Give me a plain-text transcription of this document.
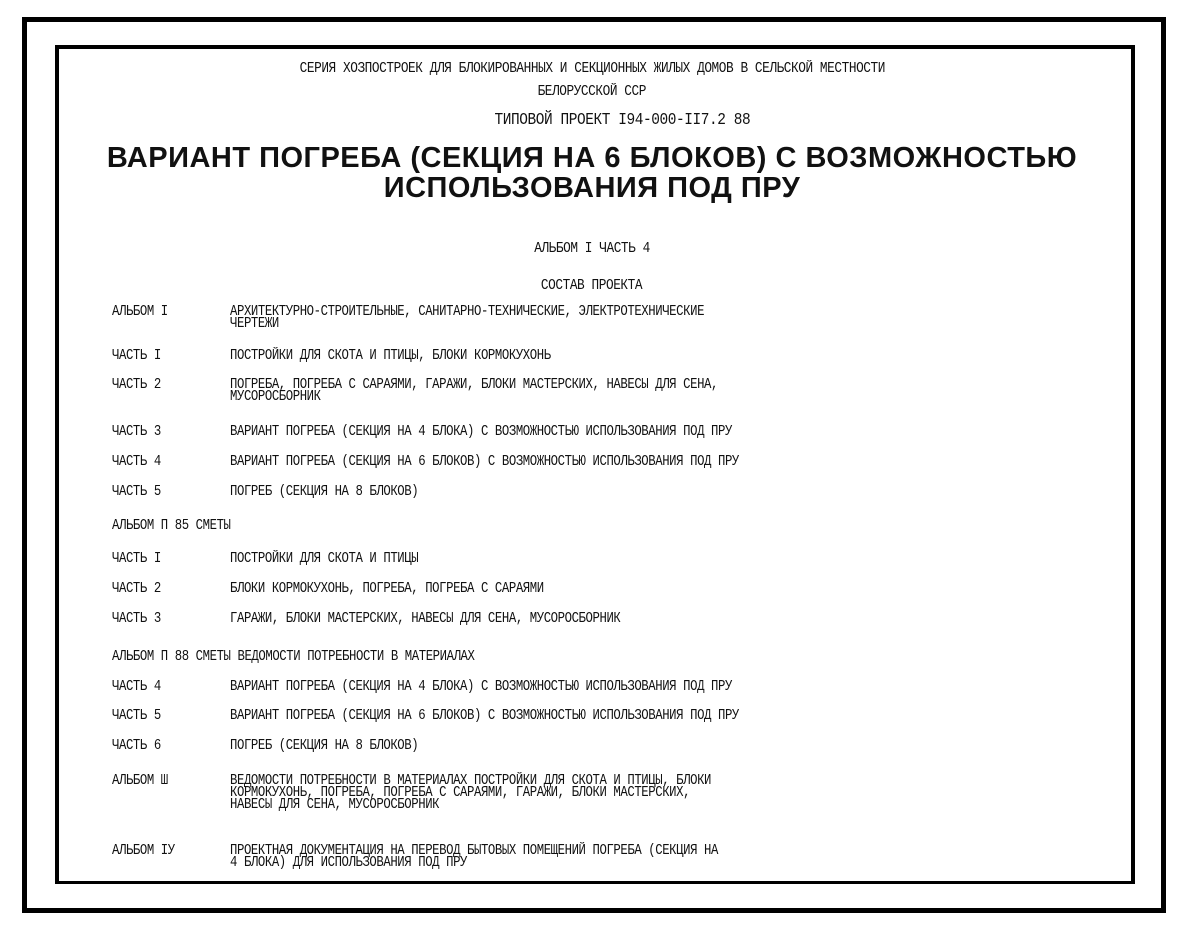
СЕРИЯ ХОЗПОСТРОЕК ДЛЯ БЛОКИРОВАННЫХ И СЕКЦИОННЫХ ЖИЛЫХ ДОМОВ В СЕЛЬСКОЙ МЕСТНОСТИ
БЕЛОРУССКОЙ ССР
ТИПОВОЙ ПРОЕКТ I94-000-II7.2 88
ВАРИАНТ ПОГРЕБА (СЕКЦИЯ НА 6 БЛОКОВ) С ВОЗМОЖНОСТЬЮ
ИСПОЛЬЗОВАНИЯ ПОД ПРУ
АЛЬБОМ I ЧАСТЬ 4
СОСТАВ ПРОЕКТА
АЛЬБОМ I	АРХИТЕКТУРНО-СТРОИТЕЛЬНЫЕ, САНИТАРНО-ТЕХНИЧЕСКИЕ, ЭЛЕКТРОТЕХНИЧЕСКИЕ
ЧЕРТЕЖИ
ЧАСТЬ I	ПОСТРОЙКИ ДЛЯ СКОТА И ПТИЦЫ, БЛОКИ КОРМОКУХОНЬ
ЧАСТЬ 2	ПОГРЕБА, ПОГРЕБА С САРАЯМИ, ГАРАЖИ, БЛОКИ МАСТЕРСКИХ, НАВЕСЫ ДЛЯ СЕНА,
МУСОРОСБОРНИК
ЧАСТЬ 3	ВАРИАНТ ПОГРЕБА (СЕКЦИЯ НА 4 БЛОКА) С ВОЗМОЖНОСТЬЮ ИСПОЛЬЗОВАНИЯ ПОД ПРУ
ЧАСТЬ 4	ВАРИАНТ ПОГРЕБА (СЕКЦИЯ НА 6 БЛОКОВ) С ВОЗМОЖНОСТЬЮ ИСПОЛЬЗОВАНИЯ ПОД ПРУ
ЧАСТЬ 5	ПОГРЕБ (СЕКЦИЯ НА 8 БЛОКОВ)
АЛЬБОМ П 85 СМЕТЫ
ЧАСТЬ I	ПОСТРОЙКИ ДЛЯ СКОТА И ПТИЦЫ
ЧАСТЬ 2	БЛОКИ КОРМОКУХОНЬ, ПОГРЕБА, ПОГРЕБА С САРАЯМИ
ЧАСТЬ 3	ГАРАЖИ, БЛОКИ МАСТЕРСКИХ, НАВЕСЫ ДЛЯ СЕНА, МУСОРОСБОРНИК
АЛЬБОМ П 88 СМЕТЫ ВЕДОМОСТИ ПОТРЕБНОСТИ В МАТЕРИАЛАХ
ЧАСТЬ 4	ВАРИАНТ ПОГРЕБА (СЕКЦИЯ НА 4 БЛОКА) С ВОЗМОЖНОСТЬЮ ИСПОЛЬЗОВАНИЯ ПОД ПРУ
ЧАСТЬ 5	ВАРИАНТ ПОГРЕБА (СЕКЦИЯ НА 6 БЛОКОВ) С ВОЗМОЖНОСТЬЮ ИСПОЛЬЗОВАНИЯ ПОД ПРУ
ЧАСТЬ 6	ПОГРЕБ (СЕКЦИЯ НА 8 БЛОКОВ)
АЛЬБОМ Ш	ВЕДОМОСТИ ПОТРЕБНОСТИ В МАТЕРИАЛАХ ПОСТРОЙКИ ДЛЯ СКОТА И ПТИЦЫ, БЛОКИ
КОРМОКУХОНЬ, ПОГРЕБА, ПОГРЕБА С САРАЯМИ, ГАРАЖИ, БЛОКИ МАСТЕРСКИХ,
НАВЕСЫ ДЛЯ СЕНА, МУСОРОСБОРНИК
АЛЬБОМ IУ	ПРОЕКТНАЯ ДОКУМЕНТАЦИЯ НА ПЕРЕВОД БЫТОВЫХ ПОМЕЩЕНИЙ ПОГРЕБА (СЕКЦИЯ НА
4 БЛОКА) ДЛЯ ИСПОЛЬЗОВАНИЯ ПОД ПРУ
